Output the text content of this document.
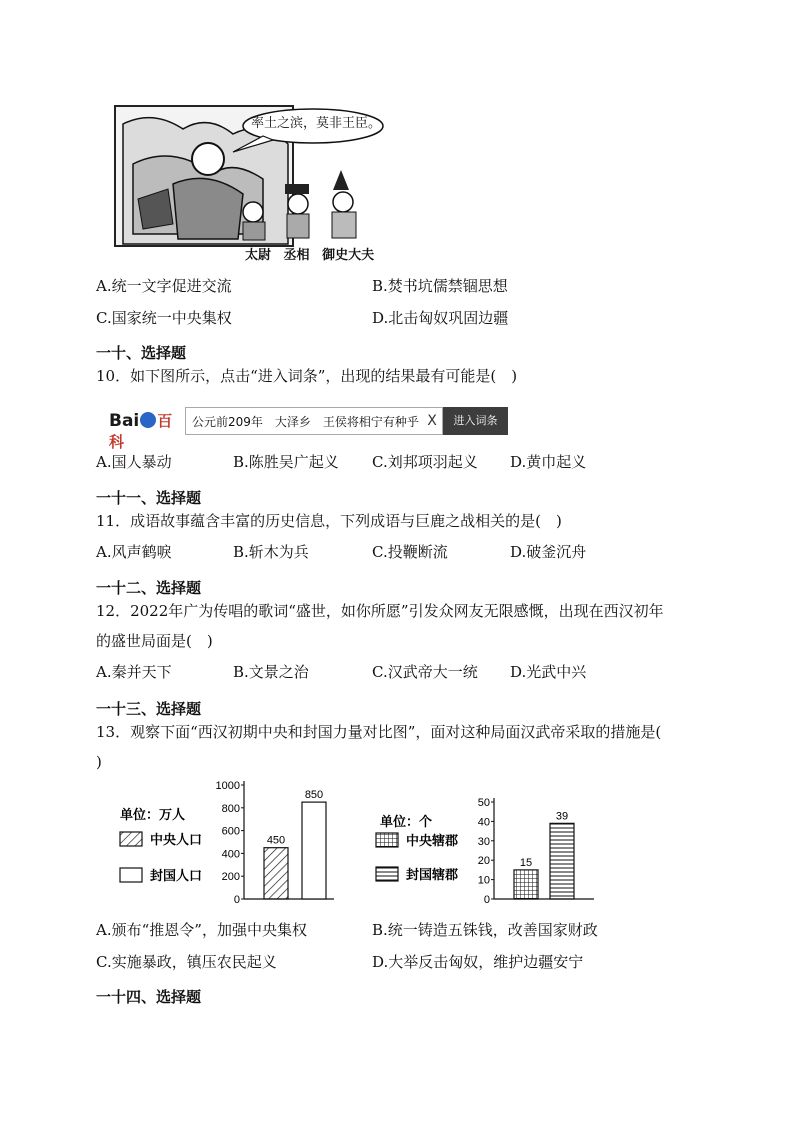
率土之滨，莫非王臣。
太尉 丞相 御史大夫
A.统一文字促进交流	B.焚书坑儒禁锢思想
C.国家统一中央集权	D.北击匈奴巩固边疆
一十、选择题
10．如下图所示，点击“进入词条”，出现的结果最有可能是(　)
Bai 百科
公元前209年　大泽乡　王侯将相宁有种乎 X	进入词条
A.国人暴动	B.陈胜吴广起义 C.刘邦项羽起义 D.黄巾起义
一十一、选择题
11．成语故事蕴含丰富的历史信息，下列成语与巨鹿之战相关的是(　)
A.风声鹤唳	B.斩木为兵	C.投鞭断流	D.破釜沉舟
一十二、选择题
12．2022年广为传唱的歌词“盛世，如你所愿”引发众网友无限感慨，出现在西汉初年
的盛世局面是(　)
A.秦并天下	B.文景之治	C.汉武帝大一统 D.光武中兴
一十三、选择题
13．观察下面“西汉初期中央和封国力量对比图”，面对这种局面汉武帝采取的措施是(
)
0
200
400
600
800
1000
单位：万人
450
850
中央人口
封国人口
0
10
20
30
40
50
单位：个
15
39
中央辖郡
封国辖郡
A.颁布“推恩令”，加强中央集权	B.统一铸造五铢钱，改善国家财政
C.实施暴政，镇压农民起义	D.大举反击匈奴，维护边疆安宁
一十四、选择题
